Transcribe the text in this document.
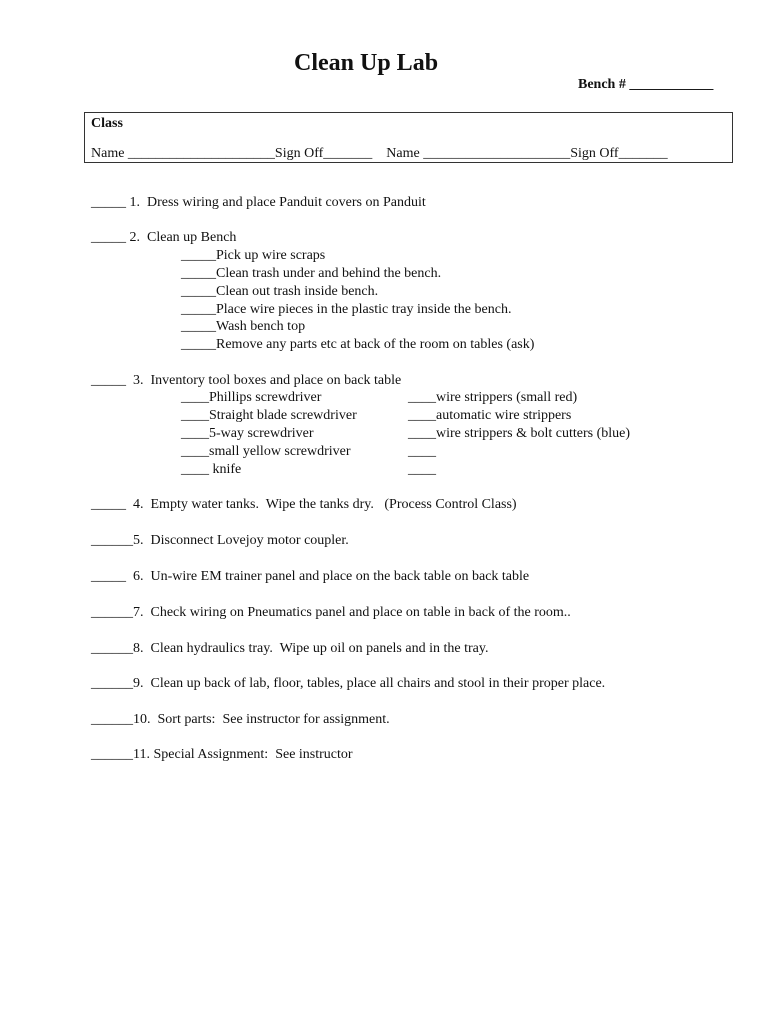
Clean Up Lab
Bench # ____________
Class
Name _____________________Sign Off_______    Name _____________________Sign Off_______
_____ 1.  Dress wiring and place Panduit covers on Panduit
_____ 2.  Clean up Bench
_____Pick up wire scraps
_____Clean trash under and behind the bench.
_____Clean out trash inside bench.
_____Place wire pieces in the plastic tray inside the bench.
_____Wash bench top
_____Remove any parts etc at back of the room on tables (ask)
_____  3.  Inventory tool boxes and place on back table
____Phillips screwdriver
____Straight blade screwdriver
____5-way screwdriver
____small yellow screwdriver
____ knife
____wire strippers (small red)
____automatic wire strippers
____wire strippers & bolt cutters (blue)
____
____
_____  4.  Empty water tanks.  Wipe the tanks dry.   (Process Control Class)
______5.  Disconnect Lovejoy motor coupler.
_____  6.  Un-wire EM trainer panel and place on the back table on back table
______7.  Check wiring on Pneumatics panel and place on table in back of the room..
______8.  Clean hydraulics tray.  Wipe up oil on panels and in the tray.
______9.  Clean up back of lab, floor, tables, place all chairs and stool in their proper place.
______10.  Sort parts:  See instructor for assignment.
______11. Special Assignment:  See instructor
